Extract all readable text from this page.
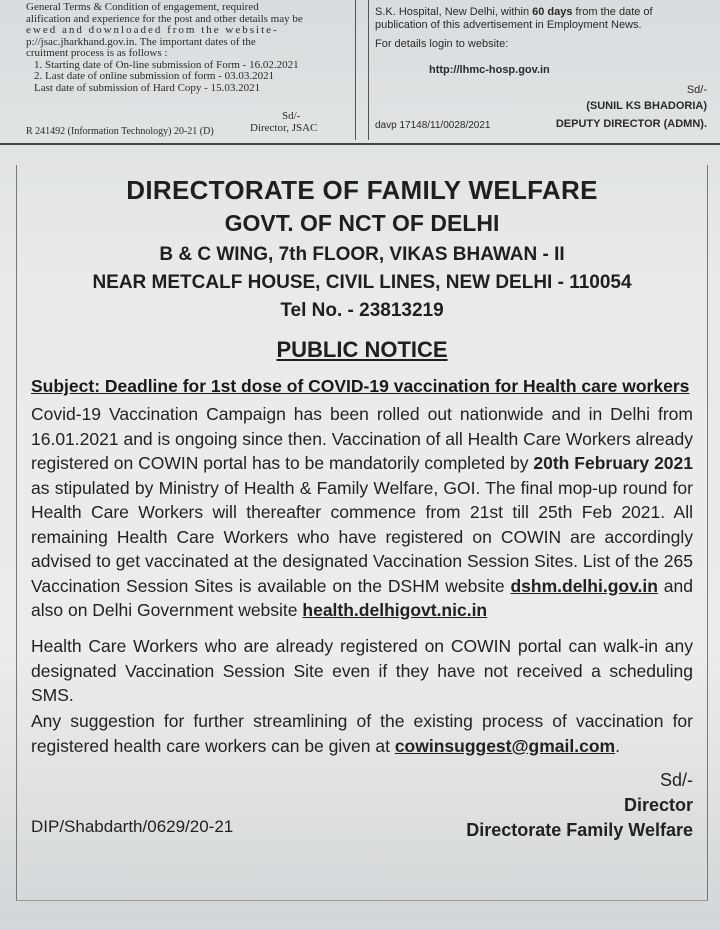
General Terms & Condition of engagement, required

alification and experience for the post and other details may be

ewed and downloaded from the website-

p://jsac.jharkhand.gov.in. The important dates of the

cruitment process is as follows :

1. Starting date of On-line submission of Form - 16.02.2021

2. Last date of online submission of form - 03.03.2021

Last date of submission of Hard Copy - 15.03.2021

Sd/-
R 241492 (Information Technology) 20-21 (D)	Director, JSAC
S.K. Hospital, New Delhi, within 60 days from the date of
publication of this advertisement in Employment News.
For details login to website:
http://lhmc-hosp.gov.in
Sd/-
(SUNIL KS BHADORIA)
davp 17148/11/0028/2021	DEPUTY DIRECTOR (ADMN).
DIRECTORATE OF FAMILY WELFARE
GOVT. OF NCT OF DELHI
B & C WING, 7th FLOOR, VIKAS BHAWAN - II
NEAR METCALF HOUSE, CIVIL LINES, NEW DELHI - 110054
Tel No. - 23813219
PUBLIC NOTICE
Subject: Deadline for 1st dose of COVID-19 vaccination for Health care workers
Covid-19 Vaccination Campaign has been rolled out nationwide and in Delhi from 16.01.2021 and is ongoing since then. Vaccination of all Health Care Workers already registered on COWIN portal has to be mandatorily completed by 20th February 2021 as stipulated by Ministry of Health & Family Welfare, GOI. The final mop-up round for Health Care Workers will thereafter commence from 21st till 25th Feb 2021. All remaining Health Care Workers who have registered on COWIN are accordingly advised to get vaccinated at the designated Vaccination Session Sites. List of the 265 Vaccination Session Sites is available on the DSHM website dshm.delhi.gov.in and also on Delhi Government website health.delhigovt.nic.in
Health Care Workers who are already registered on COWIN portal can walk-in any designated Vaccination Session Site even if they have not received a scheduling SMS.
Any suggestion for further streamlining of the existing process of vaccination for registered health care workers can be given at cowinsuggest@gmail.com.
Sd/-
Director
Directorate Family Welfare
DIP/Shabdarth/0629/20-21
